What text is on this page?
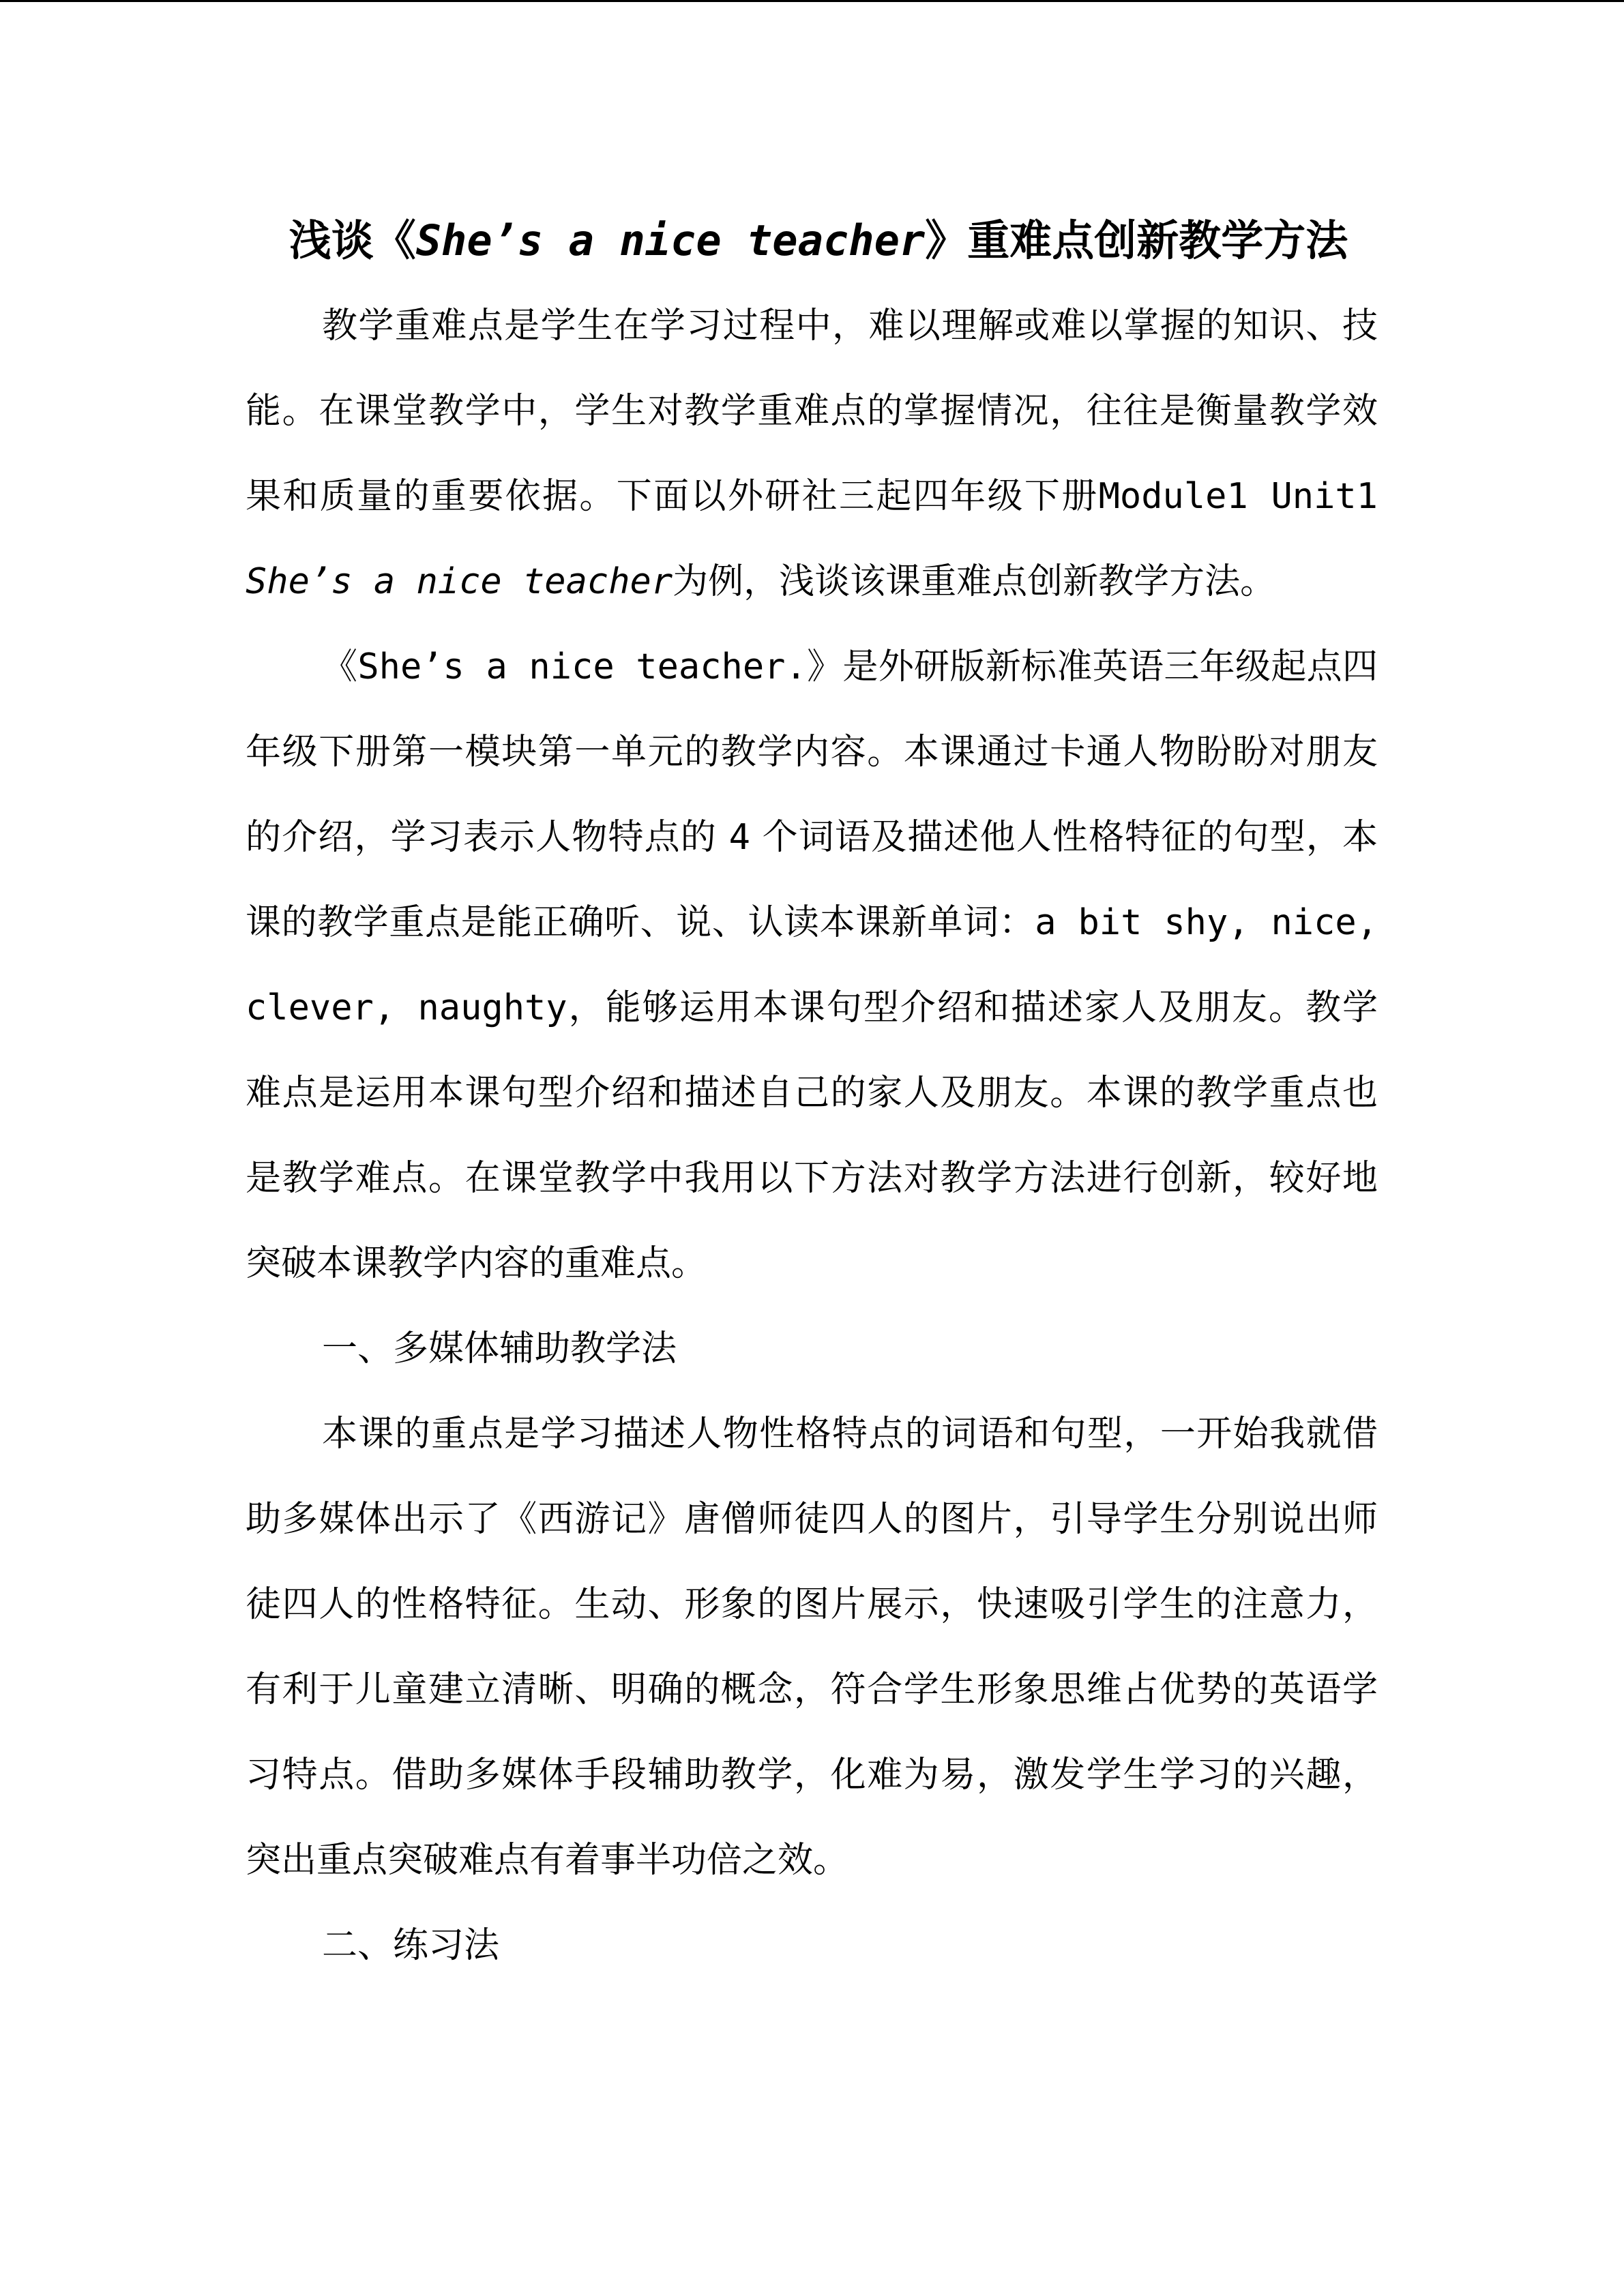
浅谈《She’s a nice teacher》重难点创新教学方法

教学重难点是学生在学习过程中，难以理解或难以掌握的知识、技能。在课堂教学中，学生对教学重难点的掌握情况，往往是衡量教学效果和质量的重要依据。下面以外研社三起四年级下册Module1 Unit1 She’s a nice teacher为例，浅谈该课重难点创新教学方法。

《She’s a nice teacher.》是外研版新标准英语三年级起点四年级下册第一模块第一单元的教学内容。本课通过卡通人物盼盼对朋友的介绍，学习表示人物特点的 4 个词语及描述他人性格特征的句型，本课的教学重点是能正确听、说、认读本课新单词：a bit shy, nice, clever, naughty，能够运用本课句型介绍和描述家人及朋友。教学难点是运用本课句型介绍和描述自己的家人及朋友。本课的教学重点也是教学难点。在课堂教学中我用以下方法对教学方法进行创新，较好地突破本课教学内容的重难点。

一、多媒体辅助教学法

本课的重点是学习描述人物性格特点的词语和句型，一开始我就借助多媒体出示了《西游记》唐僧师徒四人的图片，引导学生分别说出师徒四人的性格特征。生动、形象的图片展示，快速吸引学生的注意力，有利于儿童建立清晰、明确的概念，符合学生形象思维占优势的英语学习特点。借助多媒体手段辅助教学，化难为易，激发学生学习的兴趣，突出重点突破难点有着事半功倍之效。

二、练习法
